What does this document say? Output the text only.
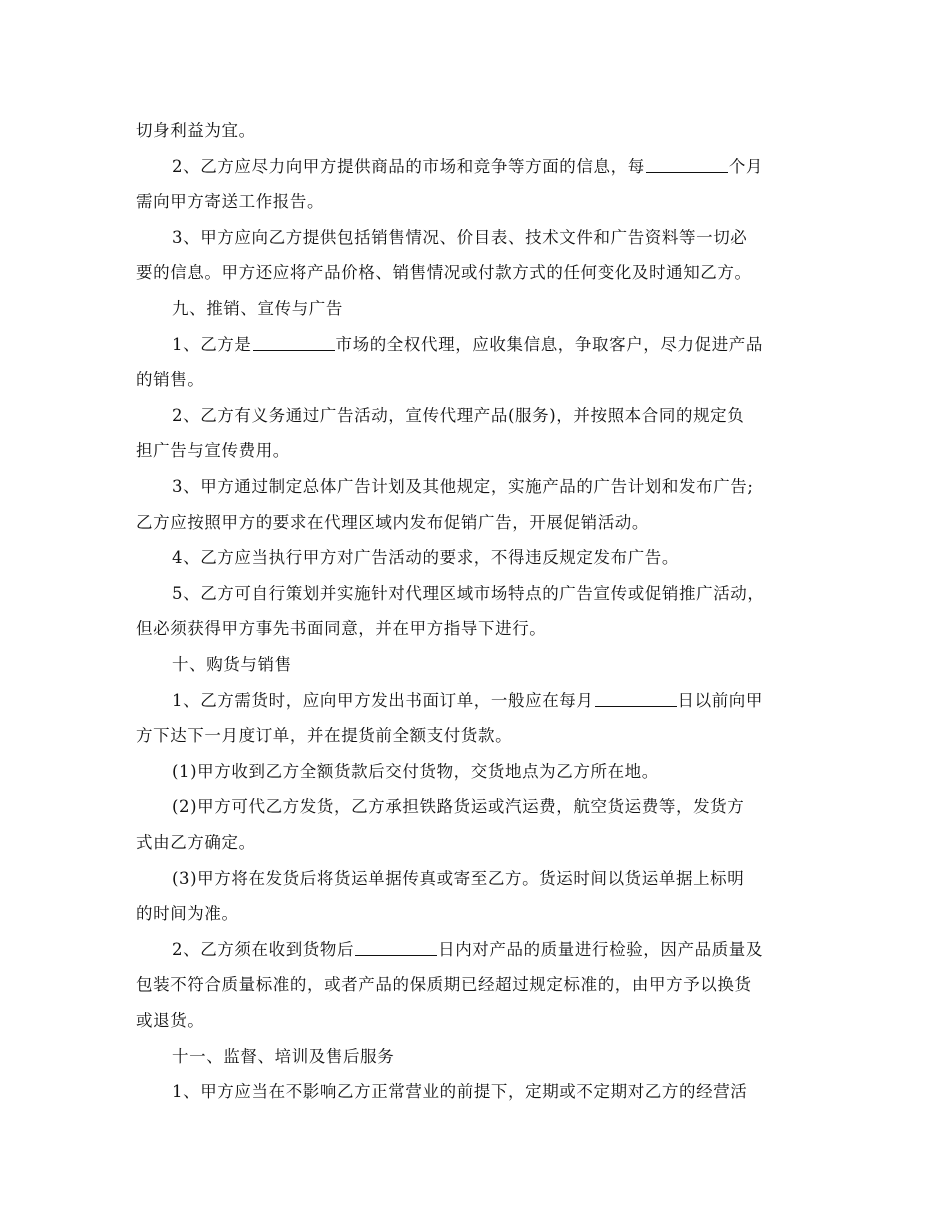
切身利益为宜。
2、乙方应尽力向甲方提供商品的市场和竞争等方面的信息，每	个月
需向甲方寄送工作报告。
3、甲方应向乙方提供包括销售情况、价目表、技术文件和广告资料等一切必
要的信息。甲方还应将产品价格、销售情况或付款方式的任何变化及时通知乙方。
九、推销、宣传与广告
1、乙方是	市场的全权代理，应收集信息，争取客户，尽力促进产品
的销售。
2、乙方有义务通过广告活动，宣传代理产品(服务)，并按照本合同的规定负
担广告与宣传费用。
3、甲方通过制定总体广告计划及其他规定，实施产品的广告计划和发布广告;
乙方应按照甲方的要求在代理区域内发布促销广告，开展促销活动。
4、乙方应当执行甲方对广告活动的要求，不得违反规定发布广告。
5、乙方可自行策划并实施针对代理区域市场特点的广告宣传或促销推广活动，
但必须获得甲方事先书面同意，并在甲方指导下进行。
十、购货与销售
1、乙方需货时，应向甲方发出书面订单，一般应在每月	日以前向甲
方下达下一月度订单，并在提货前全额支付货款。
(1)甲方收到乙方全额货款后交付货物，交货地点为乙方所在地。
(2)甲方可代乙方发货，乙方承担铁路货运或汽运费，航空货运费等，发货方
式由乙方确定。
(3)甲方将在发货后将货运单据传真或寄至乙方。货运时间以货运单据上标明
的时间为准。
2、乙方须在收到货物后	日内对产品的质量进行检验，因产品质量及
包装不符合质量标准的，或者产品的保质期已经超过规定标准的，由甲方予以换货
或退货。
十一、监督、培训及售后服务
1、甲方应当在不影响乙方正常营业的前提下，定期或不定期对乙方的经营活
